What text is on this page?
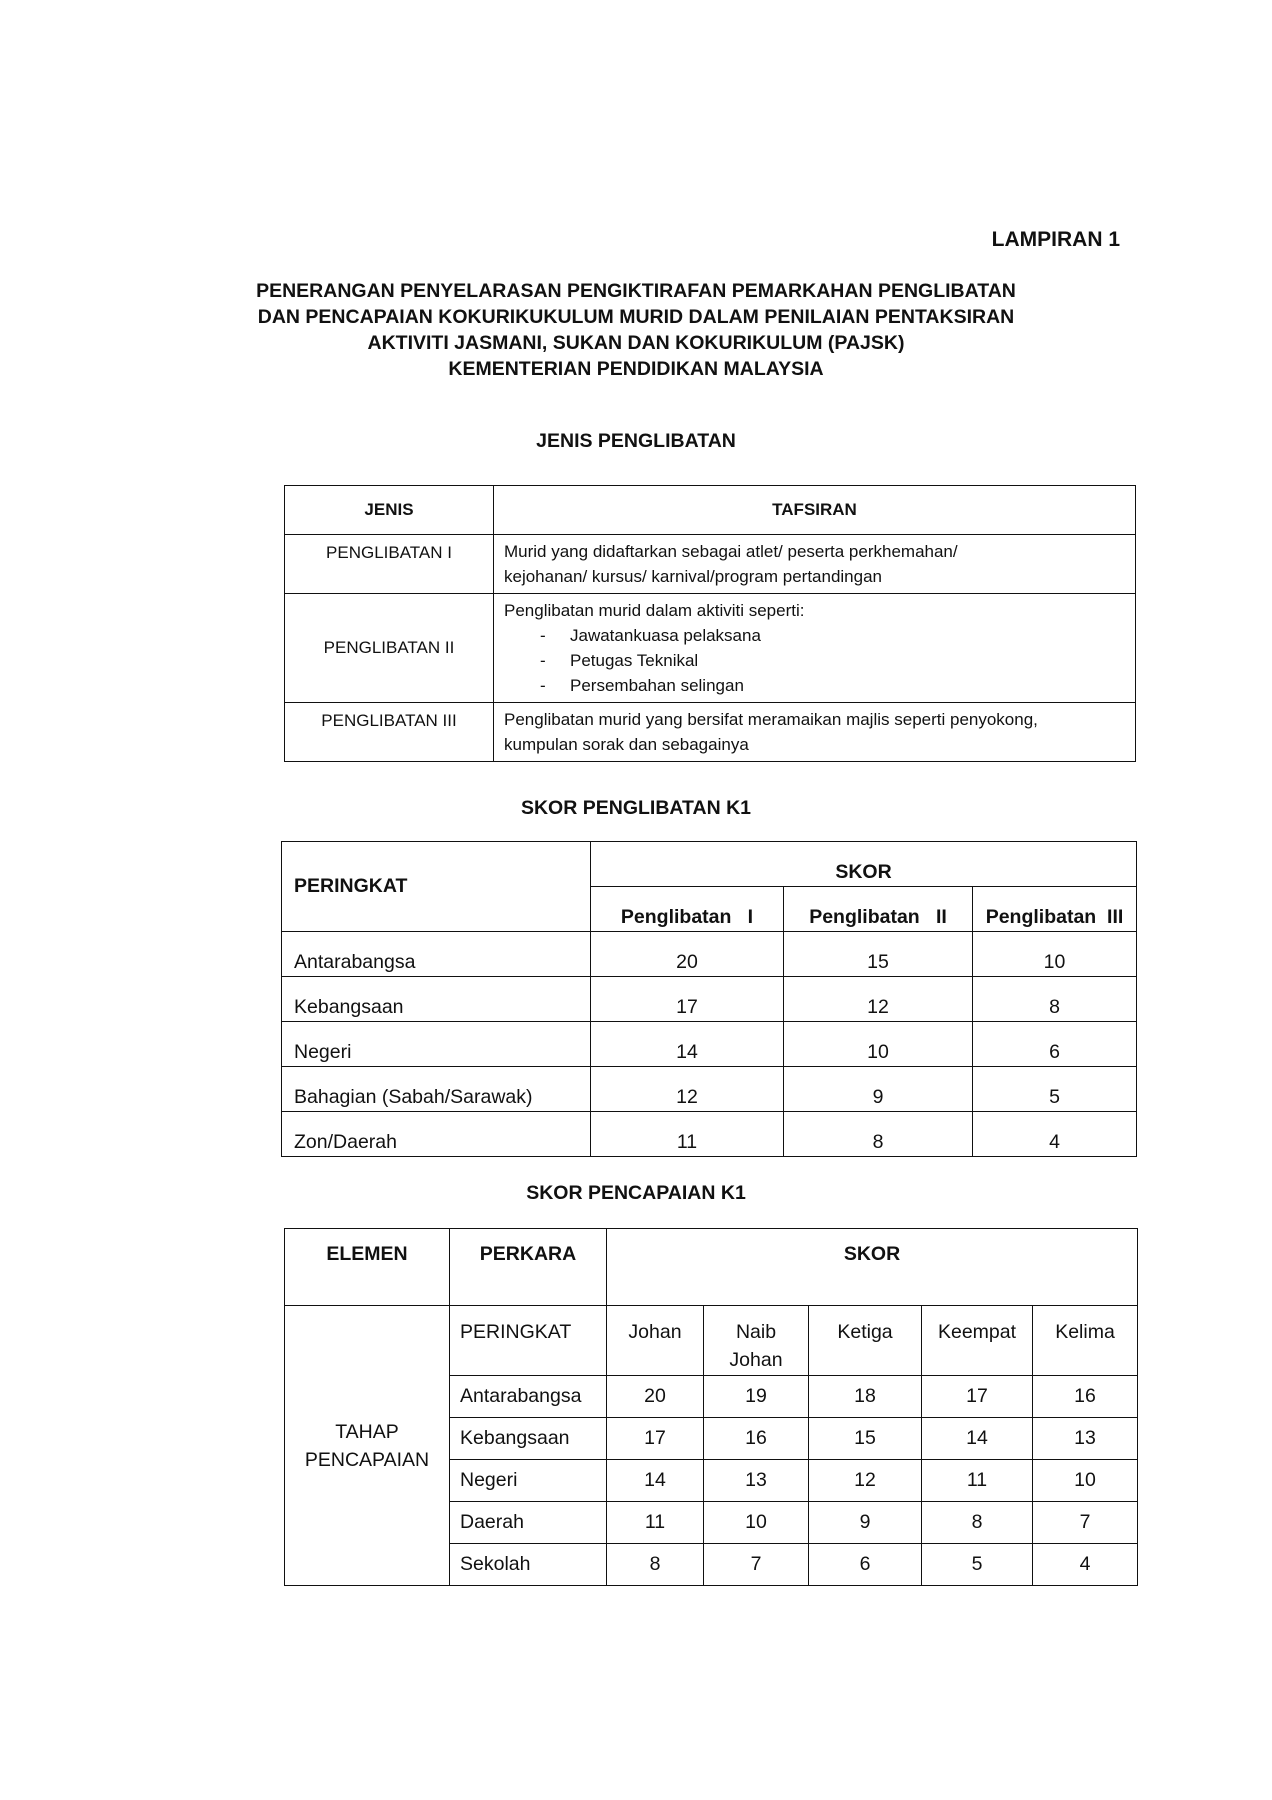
LAMPIRAN 1
PENERANGAN PENYELARASAN PENGIKTIRAFAN PEMARKAHAN PENGLIBATAN
DAN PENCAPAIAN KOKURIKUKULUM MURID DALAM PENILAIAN PENTAKSIRAN
AKTIVITI JASMANI, SUKAN DAN KOKURIKULUM (PAJSK)
KEMENTERIAN PENDIDIKAN MALAYSIA
JENIS PENGLIBATAN
JENIS	TAFSIRAN
PENGLIBATAN I	Murid yang didaftarkan sebagai atlet/ peserta perkhemahan/
kejohanan/ kursus/ karnival/program pertandingan

PENGLIBATAN II	Penglibatan murid dalam aktiviti seperti:
- Jawatankuasa pelaksana
- Petugas Teknikal
- Persembahan selingan

PENGLIBATAN III	Penglibatan murid yang bersifat meramaikan majlis seperti penyokong,
kumpulan sorak dan sebagainya
SKOR PENGLIBATAN K1
PERINGKAT	SKOR		
	Penglibatan   I	Penglibatan   II	Penglibatan  III
Antarabangsa	20	15	10
Kebangsaan	17	12	8
Negeri	14	10	6
Bahagian (Sabah/Sarawak)	12	9	5
Zon/Daerah	11	8	4
SKOR PENCAPAIAN K1
ELEMEN	PERKARA	SKOR				

TAHAP
PENCAPAIAN	PERINGKAT	Johan	Naib Johan	Ketiga	Keempat	Kelima
	Antarabangsa	20	19	18	17	16
	Kebangsaan	17	16	15	14	13
	Negeri	14	13	12	11	10
	Daerah	11	10	9	8	7
	Sekolah	8	7	6	5	4
